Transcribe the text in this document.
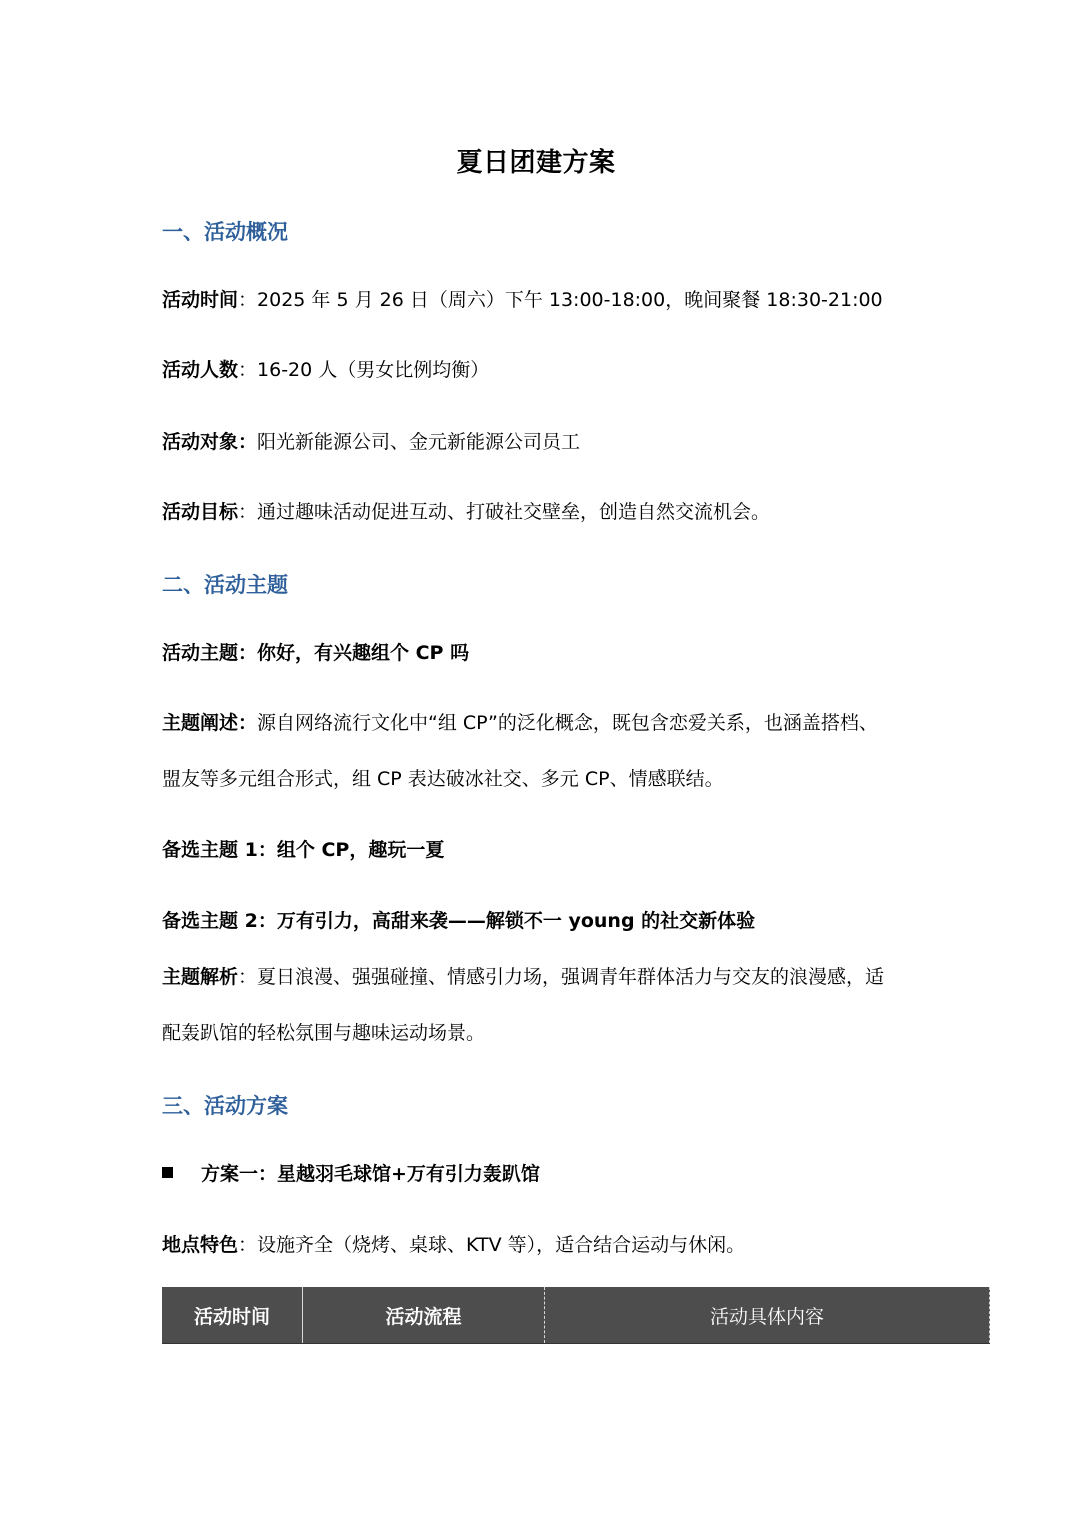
夏日团建方案
一、活动概况
活动时间：2025 年 5 月 26 日（周六）下午 13:00-18:00，晚间聚餐 18:30-21:00
活动人数：16-20 人（男女比例均衡）
活动对象：阳光新能源公司、金元新能源公司员工
活动目标：通过趣味活动促进互动、打破社交壁垒，创造自然交流机会。
二、活动主题
活动主题：你好，有兴趣组个 CP 吗
主题阐述：源自网络流行文化中“组 CP”的泛化概念，既包含恋爱关系，也涵盖搭档、
盟友等多元组合形式，组 CP 表达破冰社交、多元 CP、情感联结。
备选主题 1：组个 CP，趣玩一夏
备选主题 2：万有引力，高甜来袭——解锁不一 young 的社交新体验
主题解析：夏日浪漫、强强碰撞、情感引力场，强调青年群体活力与交友的浪漫感，适
配轰趴馆的轻松氛围与趣味运动场景。
三、活动方案
方案一：星越羽毛球馆+万有引力轰趴馆
地点特色：设施齐全（烧烤、桌球、KTV 等），适合结合运动与休闲。
活动时间	活动流程	活动具体内容
